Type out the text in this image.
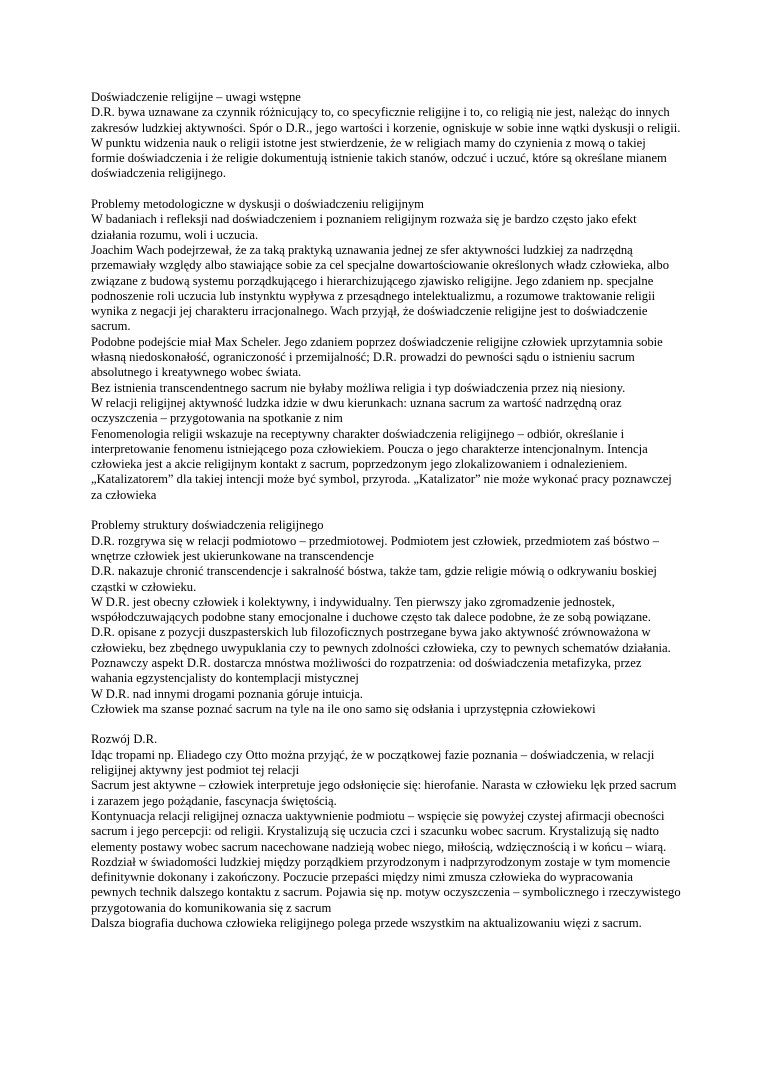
Doświadczenie religijne – uwagi wstępne

D.R. bywa uznawane za czynnik różnicujący to, co specyficznie religijne i to, co religią nie jest, należąc do innych zakresów ludzkiej aktywności. Spór o D.R., jego wartości i korzenie, ogniskuje w sobie inne wątki dyskusji o religii.

W punktu widzenia nauk o religii istotne jest stwierdzenie, że w religiach mamy do czynienia z mową o takiej formie doświadczenia i że religie dokumentują istnienie takich stanów, odczuć i uczuć, które są określane mianem doświadczenia religijnego.

Problemy metodologiczne w dyskusji o doświadczeniu religijnym

W badaniach i refleksji nad doświadczeniem i poznaniem religijnym rozważa się je bardzo często jako efekt działania rozumu, woli i uczucia.

Joachim Wach podejrzewał, że za taką praktyką uznawania jednej ze sfer aktywności ludzkiej za nadrzędną przemawiały względy albo stawiające sobie za cel specjalne dowartościowanie określonych władz człowieka, albo związane z budową systemu porządkującego i hierarchizującego zjawisko religijne. Jego zdaniem np. specjalne podnoszenie roli uczucia lub instynktu wypływa z przesądnego intelektualizmu, a rozumowe traktowanie religii wynika z negacji jej charakteru irracjonalnego. Wach przyjął, że doświadczenie religijne jest to doświadczenie sacrum.

Podobne podejście miał Max Scheler. Jego zdaniem poprzez doświadczenie religijne człowiek uprzytamnia sobie własną niedoskonałość, ograniczoność i przemijalność; D.R. prowadzi do pewności sądu o istnieniu sacrum absolutnego i kreatywnego wobec świata.

Bez istnienia transcendentnego sacrum nie byłaby możliwa religia i typ doświadczenia przez nią niesiony.

W relacji religijnej aktywność ludzka idzie w dwu kierunkach: uznana sacrum za wartość nadrzędną oraz oczyszczenia – przygotowania na spotkanie z nim

Fenomenologia religii wskazuje na receptywny charakter doświadczenia religijnego – odbiór, określanie i interpretowanie fenomenu istniejącego poza człowiekiem. Poucza o jego charakterze intencjonalnym. Intencja człowieka jest a akcie religijnym kontakt z sacrum, poprzedzonym jego zlokalizowaniem i odnalezieniem. „Katalizatorem” dla takiej intencji może być symbol, przyroda. „Katalizator” nie może wykonać pracy poznawczej za człowieka

Problemy struktury doświadczenia religijnego

D.R. rozgrywa się w relacji podmiotowo – przedmiotowej. Podmiotem jest człowiek, przedmiotem zaś bóstwo – wnętrze człowiek jest ukierunkowane na transcendencje

D.R. nakazuje chronić transcendencje i sakralność bóstwa, także tam, gdzie religie mówią o odkrywaniu boskiej cząstki w człowieku.

W D.R. jest obecny człowiek i kolektywny, i indywidualny. Ten pierwszy jako zgromadzenie jednostek, współodczuwających podobne stany emocjonalne i duchowe często tak dalece podobne, że ze sobą powiązane.

D.R. opisane z pozycji duszpasterskich lub filozoficznych postrzegane bywa jako aktywność zrównoważona w człowieku, bez zbędnego uwypuklania czy to pewnych zdolności człowieka, czy to pewnych schematów działania.

Poznawczy aspekt D.R. dostarcza mnóstwa możliwości do rozpatrzenia: od doświadczenia metafizyka, przez wahania egzystencjalisty do kontemplacji mistycznej

W D.R. nad innymi drogami poznania góruje intuicja.

Człowiek ma szanse poznać sacrum na tyle na ile ono samo się odsłania i uprzystępnia człowiekowi

Rozwój D.R.

Idąc tropami np. Eliadego czy Otto można przyjąć, że w początkowej fazie poznania – doświadczenia, w relacji religijnej aktywny jest podmiot tej relacji

Sacrum jest aktywne – człowiek interpretuje jego odsłonięcie się: hierofanie. Narasta w człowieku lęk przed sacrum i zarazem jego pożądanie, fascynacja świętością.

Kontynuacja relacji religijnej oznacza uaktywnienie podmiotu – wspięcie się powyżej czystej afirmacji obecności sacrum i jego percepcji: od religii. Krystalizują się uczucia czci i szacunku wobec sacrum. Krystalizują się nadto elementy postawy wobec sacrum nacechowane nadzieją wobec niego, miłością, wdzięcznością i w końcu – wiarą.

Rozdział w świadomości ludzkiej między porządkiem przyrodzonym i nadprzyrodzonym zostaje w tym momencie definitywnie dokonany i zakończony. Poczucie przepaści między nimi zmusza człowieka do wypracowania pewnych technik dalszego kontaktu z sacrum. Pojawia się np. motyw oczyszczenia – symbolicznego i rzeczywistego przygotowania do komunikowania się z sacrum

Dalsza biografia duchowa człowieka religijnego polega przede wszystkim na aktualizowaniu więzi z sacrum.
